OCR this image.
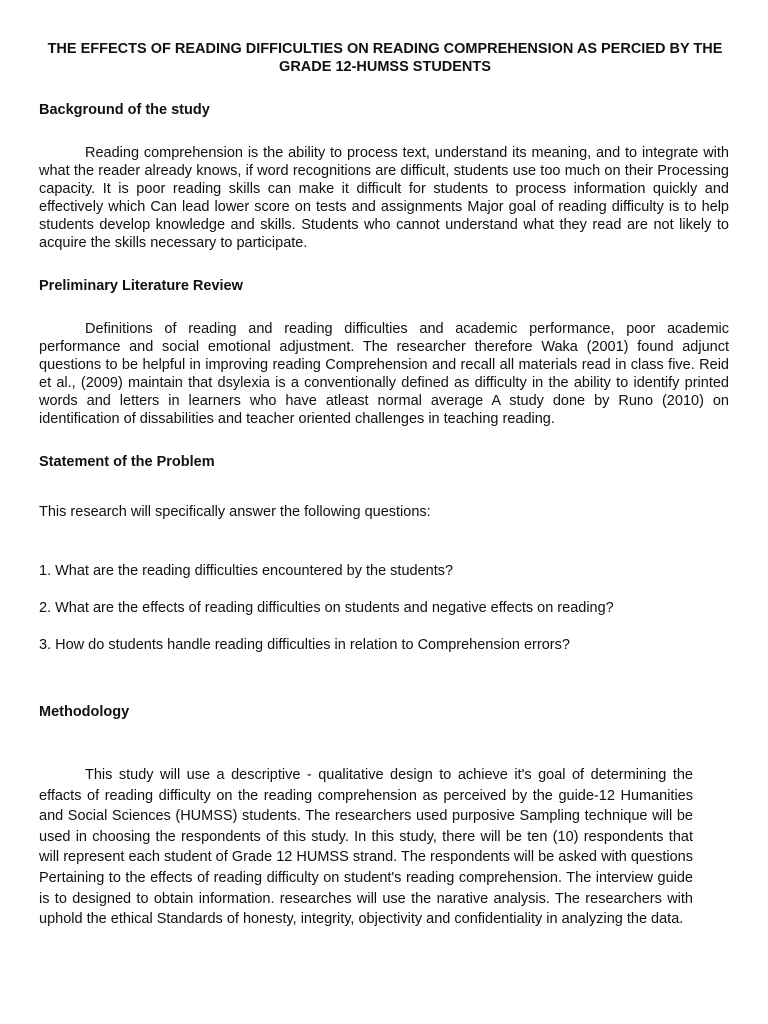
THE EFFECTS OF READING DIFFICULTIES ON READING COMPREHENSION AS PERCIED BY THE GRADE 12-HUMSS STUDENTS
Background of the study

Reading comprehension is the ability to process text, understand its meaning, and to integrate with what the reader already knows, if word recognitions are difficult, students use too much on their Processing capacity. It is poor reading skills can make it difficult for students to process information quickly and effectively which Can lead lower score on tests and assignments Major goal of reading difficulty is to help students develop knowledge and skills. Students who cannot understand what they read are not likely to acquire the skills necessary to participate.

Preliminary Literature Review

Definitions of reading and reading difficulties and academic performance, poor academic performance and social emotional adjustment. The researcher therefore Waka (2001) found adjunct questions to be helpful in improving reading Comprehension and recall all materials read in class five. Reid et al., (2009) maintain that dsylexia is a conventionally defined as difficulty in the ability to identify printed words and letters in learners who have atleast normal average A study done by Runo (2010) on identification of dissabilities and teacher oriented challenges in teaching reading.

Statement of the Problem

This research will specifically answer the following questions:

1. What are the reading difficulties encountered by the students?

2. What are the effects of reading difficulties on students and negative effects on reading?

3. How do students handle reading difficulties in relation to Comprehension errors?

Methodology

This study will use a descriptive - qualitative design to achieve it's goal of determining the effacts of reading difficulty on the reading comprehension as perceived by the guide-12 Humanities and Social Sciences (HUMSS) students. The researchers used purposive Sampling technique will be used in choosing the respondents of this study. In this study, there will be ten (10) respondents that will represent each student of Grade 12 HUMSS strand. The respondents will be asked with questions Pertaining to the effects of reading difficulty on student's reading comprehension. The interview guide is to designed to obtain information. researches will use the narative analysis. The researchers with uphold the ethical Standards of honesty, integrity, objectivity and confidentiality in analyzing the data.
